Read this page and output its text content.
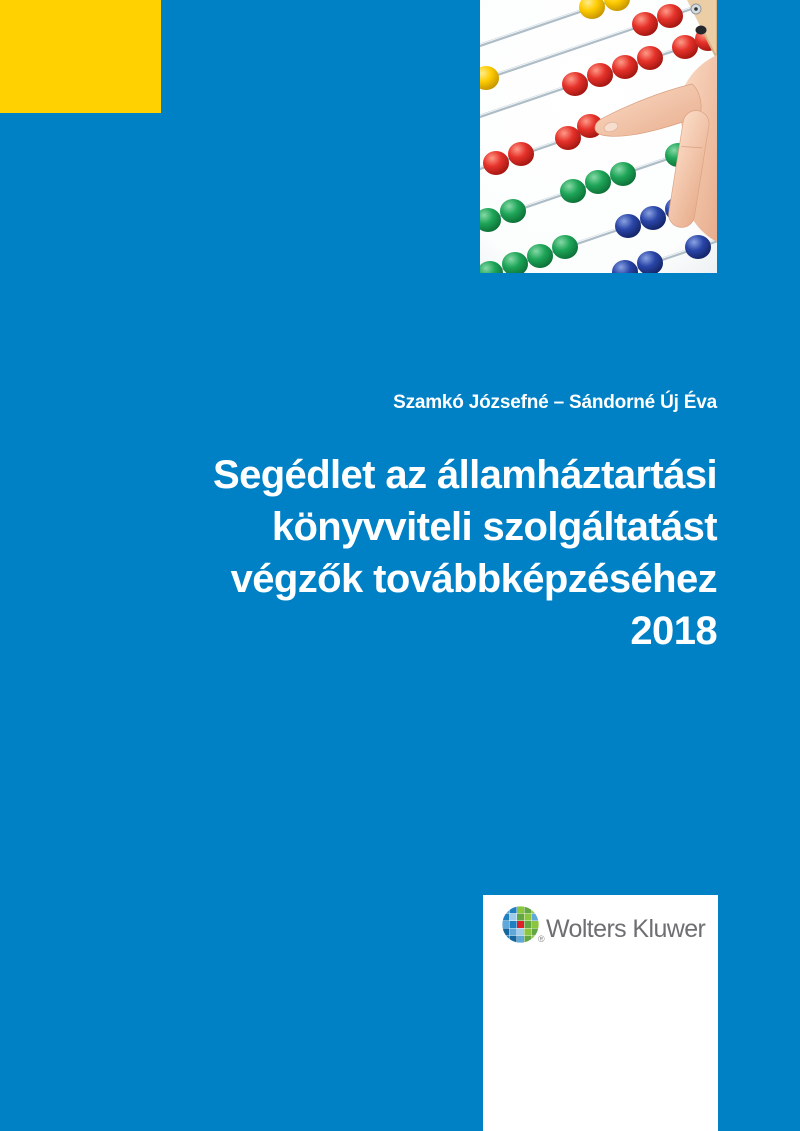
Szamkó Józsefné – Sándorné Új Éva
Segédlet az államháztartási
könyvviteli szolgáltatást
végzők továbbképzéséhez
2018
® Wolters Kluwer
